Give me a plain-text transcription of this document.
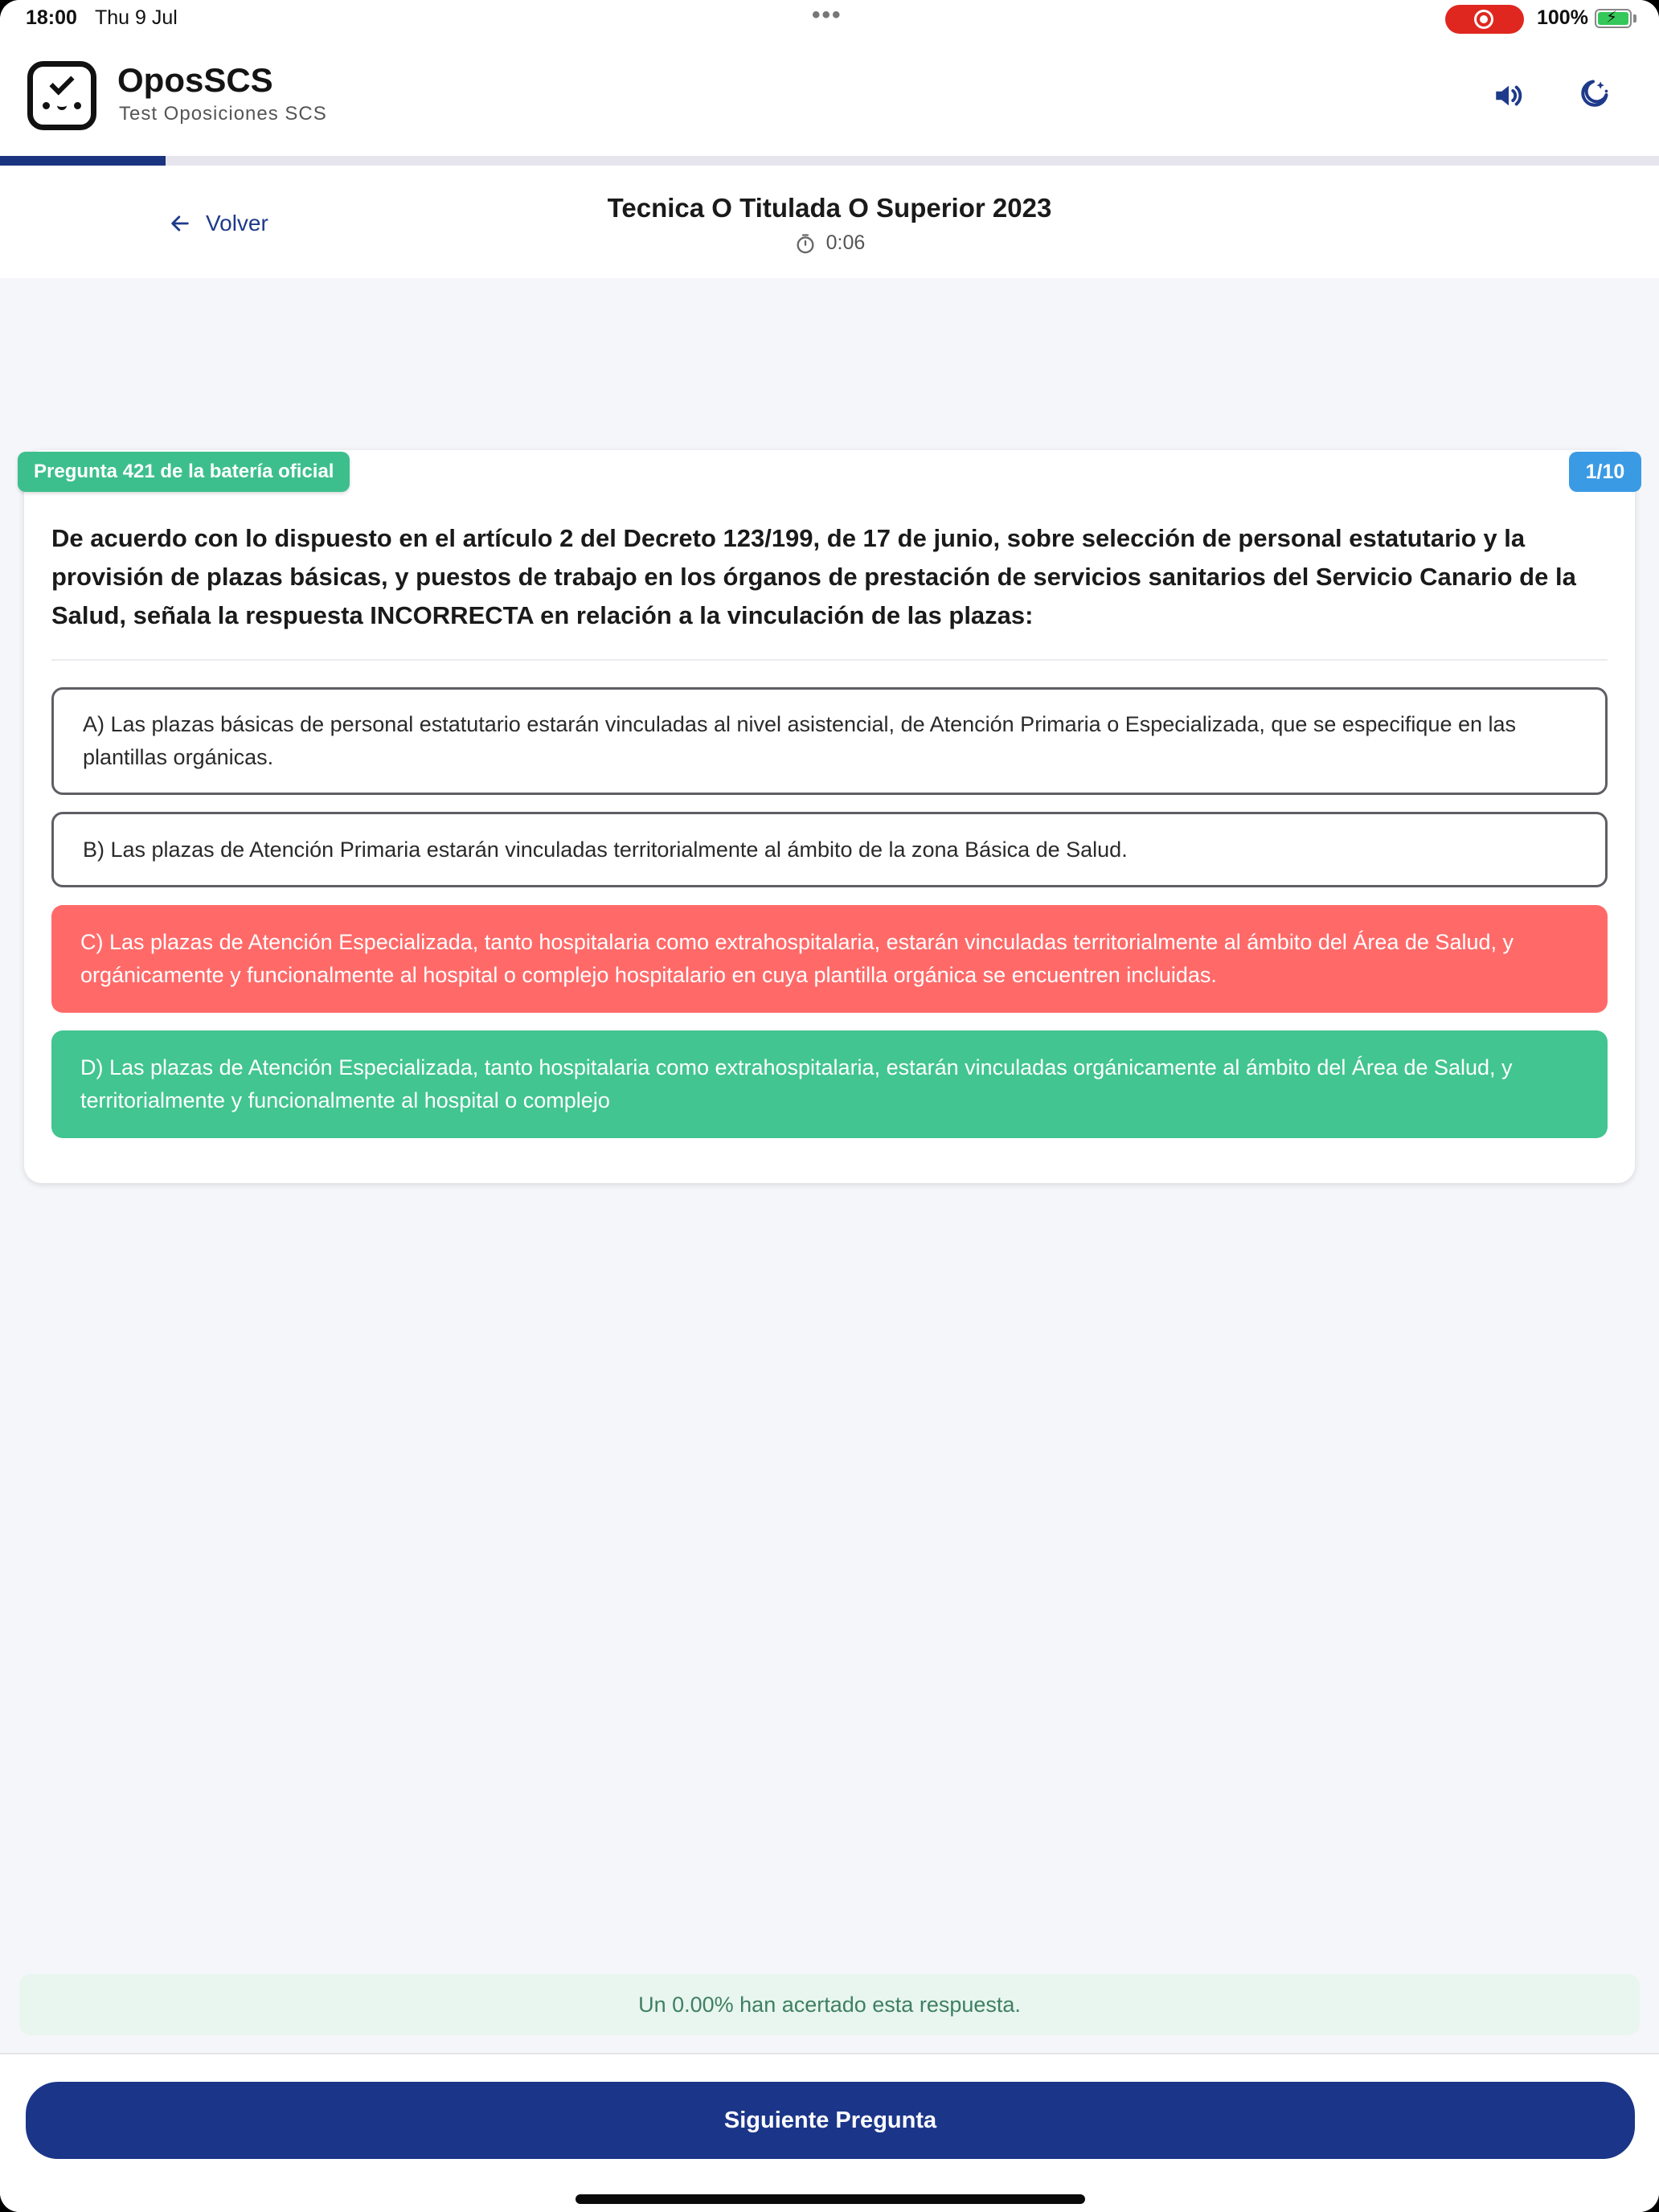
18:00 Thu 9 Jul	•••	100%
⚡
OposSCS
Test Oposiciones SCS
Volver
Tecnica O Titulada O Superior 2023
0:06
Pregunta 421 de la batería oficial	1/10
De acuerdo con lo dispuesto en el artículo 2 del Decreto 123/199, de 17 de junio, sobre selección de personal estatutario y la provisión de plazas básicas, y puestos de trabajo en los órganos de prestación de servicios sanitarios del Servicio Canario de la Salud, señala la respuesta INCORRECTA en relación a la vinculación de las plazas:
A) Las plazas básicas de personal estatutario estarán vinculadas al nivel asistencial, de Atención Primaria o Especializada, que se especifique en las plantillas orgánicas.
B) Las plazas de Atención Primaria estarán vinculadas territorialmente al ámbito de la zona Básica de Salud.
C) Las plazas de Atención Especializada, tanto hospitalaria como extrahospitalaria, estarán vinculadas territorialmente al ámbito del Área de Salud, y orgánicamente y funcionalmente al hospital o complejo hospitalario en cuya plantilla orgánica se encuentren incluidas.
D) Las plazas de Atención Especializada, tanto hospitalaria como extrahospitalaria, estarán vinculadas orgánicamente al ámbito del Área de Salud, y territorialmente y funcionalmente al hospital o complejo
Un 0.00% han acertado esta respuesta.
Siguiente Pregunta
